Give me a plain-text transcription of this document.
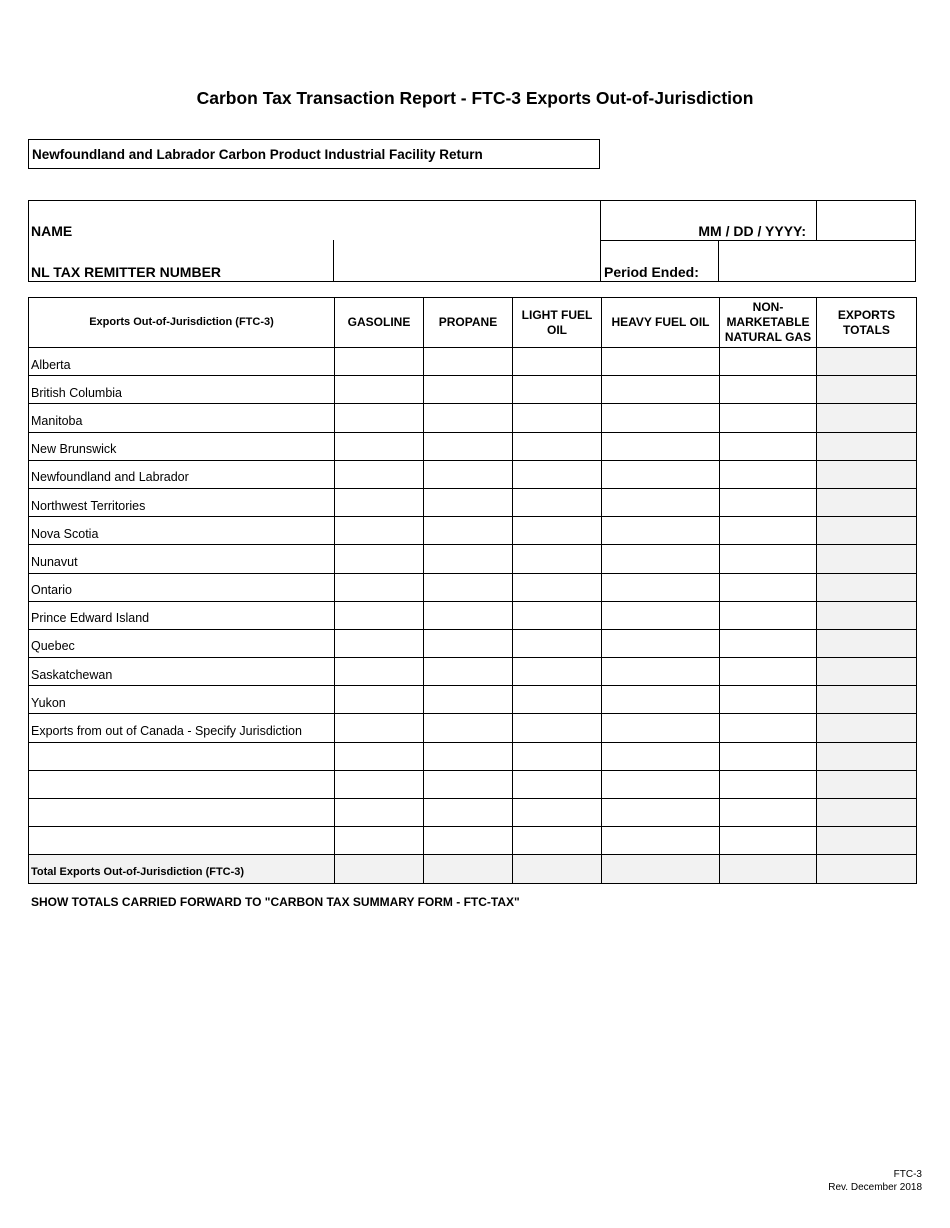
Carbon Tax Transaction Report - FTC-3 Exports Out-of-Jurisdiction
Newfoundland and Labrador Carbon Product Industrial Facility Return
NAME	MM / DD / YYYY:
NL TAX REMITTER NUMBER	Period Ended:
Exports Out-of-Jurisdiction (FTC-3)	GASOLINE	PROPANE	LIGHT FUEL OIL	HEAVY FUEL OIL	NON-MARKETABLE NATURAL GAS	EXPORTS TOTALS
Alberta						
British Columbia						
Manitoba						
New Brunswick						
Newfoundland and Labrador						
Northwest Territories						
Nova Scotia						
Nunavut						
Ontario						
Prince Edward Island						
Quebec						
Saskatchewan						
Yukon						
Exports from out of Canada - Specify Jurisdiction						

Total Exports Out-of-Jurisdiction (FTC-3)						
SHOW TOTALS CARRIED FORWARD TO "CARBON TAX SUMMARY FORM - FTC-TAX"
FTC-3
Rev. December 2018
